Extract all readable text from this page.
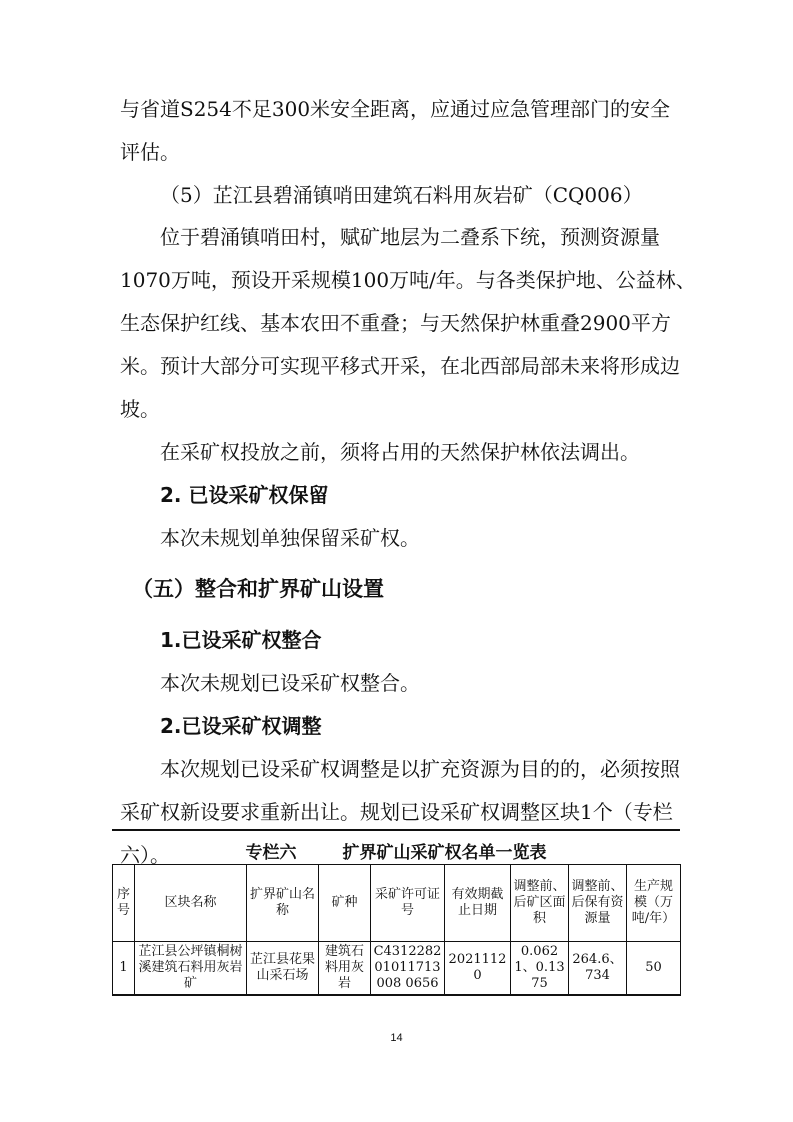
与省道S254不足300米安全距离，应通过应急管理部门的安全
评估。
（5）芷江县碧涌镇哨田建筑石料用灰岩矿（CQ006）
位于碧涌镇哨田村，赋矿地层为二叠系下统，预测资源量
1070万吨，预设开采规模100万吨/年。与各类保护地、公益林、
生态保护红线、基本农田不重叠；与天然保护林重叠2900平方
米。预计大部分可实现平移式开采，在北西部局部未来将形成边
坡。
在采矿权投放之前，须将占用的天然保护林依法调出。
2. 已设采矿权保留
本次未规划单独保留采矿权。
（五）整合和扩界矿山设置
1.已设采矿权整合
本次未规划已设采矿权整合。
2.已设采矿权调整
本次规划已设采矿权调整是以扩充资源为目的的，必须按照
采矿权新设要求重新出让。规划已设采矿权调整区块1个（专栏
六）。	专栏六	扩界矿山采矿权名单一览表
序号	区块名称	扩界矿山名称	矿种	采矿许可证号	有效期截止日期	调整前、后矿区面积	调整前、后保有资源量	生产规模（万吨/年）
1	芷江县公坪镇桐树溪建筑石料用灰岩矿	芷江县花果山采石场	建筑石料用灰岩	C431228201011713008 0656	20211120	0.0621、0.1375	264.6、734	50
14
